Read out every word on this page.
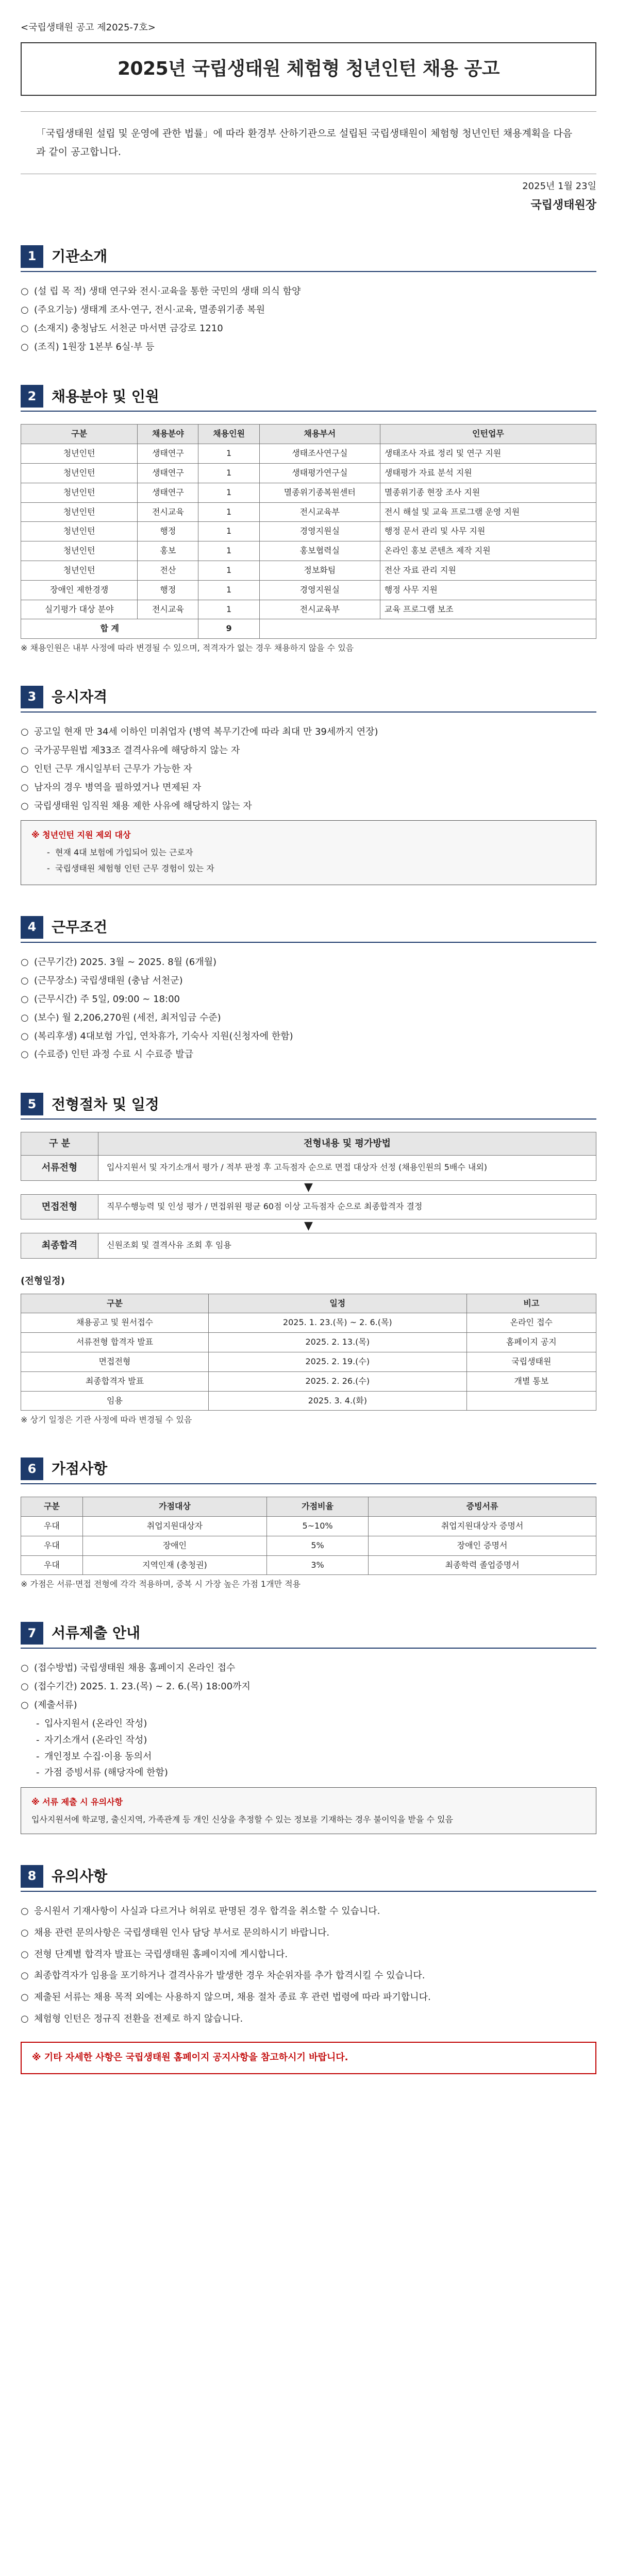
<국립생태원 공고 제2025-7호>
2025년 국립생태원 체험형 청년인턴 채용 공고
「국립생태원 설립 및 운영에 관한 법률」에 따라 환경부 산하기관으로 설립된 국립생태원이 체험형 청년인턴 채용계획을 다음과 같이 공고합니다.
2025년 1월 23일
국립생태원장
1	기관소개
○ (설 립 목 적) 생태 연구와 전시·교육을 통한 국민의 생태 의식 함양
○ (주요기능) 생태계 조사·연구, 전시·교육, 멸종위기종 복원
○ (소재지) 충청남도 서천군 마서면 금강로 1210
○ (조직) 1원장 1본부 6실·부 등
2	채용분야 및 인원
구분	채용분야	채용인원	채용부서	인턴업무
청년인턴	생태연구	1	생태조사연구실	생태조사 자료 정리 및 연구 지원
청년인턴	생태연구	1	생태평가연구실	생태평가 자료 분석 지원
청년인턴	생태연구	1	멸종위기종복원센터	멸종위기종 현장 조사 지원
청년인턴	전시교육	1	전시교육부	전시 해설 및 교육 프로그램 운영 지원
청년인턴	행정	1	경영지원실	행정 문서 관리 및 사무 지원
청년인턴	홍보	1	홍보협력실	온라인 홍보 콘텐츠 제작 지원
청년인턴	전산	1	정보화팀	전산 자료 관리 지원
장애인 제한경쟁	행정	1	경영지원실	행정 사무 지원
실기평가 대상 분야	전시교육	1	전시교육부	교육 프로그램 보조
합 계		9		
※ 채용인원은 내부 사정에 따라 변경될 수 있으며, 적격자가 없는 경우 채용하지 않을 수 있음
3	응시자격
○ 공고일 현재 만 34세 이하인 미취업자 (병역 복무기간에 따라 최대 만 39세까지 연장)
○ 국가공무원법 제33조 결격사유에 해당하지 않는 자
○ 인턴 근무 개시일부터 근무가 가능한 자
○ 남자의 경우 병역을 필하였거나 면제된 자
○ 국립생태원 임직원 채용 제한 사유에 해당하지 않는 자
※ 청년인턴 지원 제외 대상
- 현재 4대 보험에 가입되어 있는 근로자
- 국립생태원 체험형 인턴 근무 경험이 있는 자
4	근무조건
○ (근무기간) 2025. 3월 ~ 2025. 8월 (6개월)
○ (근무장소) 국립생태원 (충남 서천군)
○ (근무시간) 주 5일, 09:00 ~ 18:00
○ (보수) 월 2,206,270원 (세전, 최저임금 수준)
○ (복리후생) 4대보험 가입, 연차휴가, 기숙사 지원(신청자에 한함)
○ (수료증) 인턴 과정 수료 시 수료증 발급
5	전형절차 및 일정
구 분	전형내용 및 평가방법
서류전형	입사지원서 및 자기소개서 평가 / 적부 판정 후 고득점자 순으로 면접 대상자 선정 (채용인원의 5배수 내외)
▼
면접전형	직무수행능력 및 인성 평가 / 면접위원 평균 60점 이상 고득점자 순으로 최종합격자 결정
▼
최종합격	신원조회 및 결격사유 조회 후 임용
(전형일정)
구분	일정	비고
채용공고 및 원서접수	2025. 1. 23.(목) ~ 2. 6.(목)	온라인 접수
서류전형 합격자 발표	2025. 2. 13.(목)	홈페이지 공지
면접전형	2025. 2. 19.(수)	국립생태원
최종합격자 발표	2025. 2. 26.(수)	개별 통보
임용	2025. 3. 4.(화)	
※ 상기 일정은 기관 사정에 따라 변경될 수 있음
6	가점사항
구분	가점대상	가점비율	증빙서류
우대	취업지원대상자	5~10%	취업지원대상자 증명서
우대	장애인	5%	장애인 증명서
우대	지역인재 (충청권)	3%	최종학력 졸업증명서
※ 가점은 서류·면접 전형에 각각 적용하며, 중복 시 가장 높은 가점 1개만 적용
7	서류제출 안내
○ (접수방법) 국립생태원 채용 홈페이지 온라인 접수
○ (접수기간) 2025. 1. 23.(목) ~ 2. 6.(목) 18:00까지
○ (제출서류)
- 입사지원서 (온라인 작성)
- 자기소개서 (온라인 작성)
- 개인정보 수집·이용 동의서
- 가점 증빙서류 (해당자에 한함)
※ 서류 제출 시 유의사항
입사지원서에 학교명, 출신지역, 가족관계 등 개인 신상을 추정할 수 있는 정보를 기재하는 경우 불이익을 받을 수 있음
8	유의사항
○ 응시원서 기재사항이 사실과 다르거나 허위로 판명된 경우 합격을 취소할 수 있습니다.
○ 채용 관련 문의사항은 국립생태원 인사 담당 부서로 문의하시기 바랍니다.
○ 전형 단계별 합격자 발표는 국립생태원 홈페이지에 게시합니다.
○ 최종합격자가 임용을 포기하거나 결격사유가 발생한 경우 차순위자를 추가 합격시킬 수 있습니다.
○ 제출된 서류는 채용 목적 외에는 사용하지 않으며, 채용 절차 종료 후 관련 법령에 따라 파기합니다.
○ 체험형 인턴은 정규직 전환을 전제로 하지 않습니다.
※ 기타 자세한 사항은 국립생태원 홈페이지 공지사항을 참고하시기 바랍니다.
